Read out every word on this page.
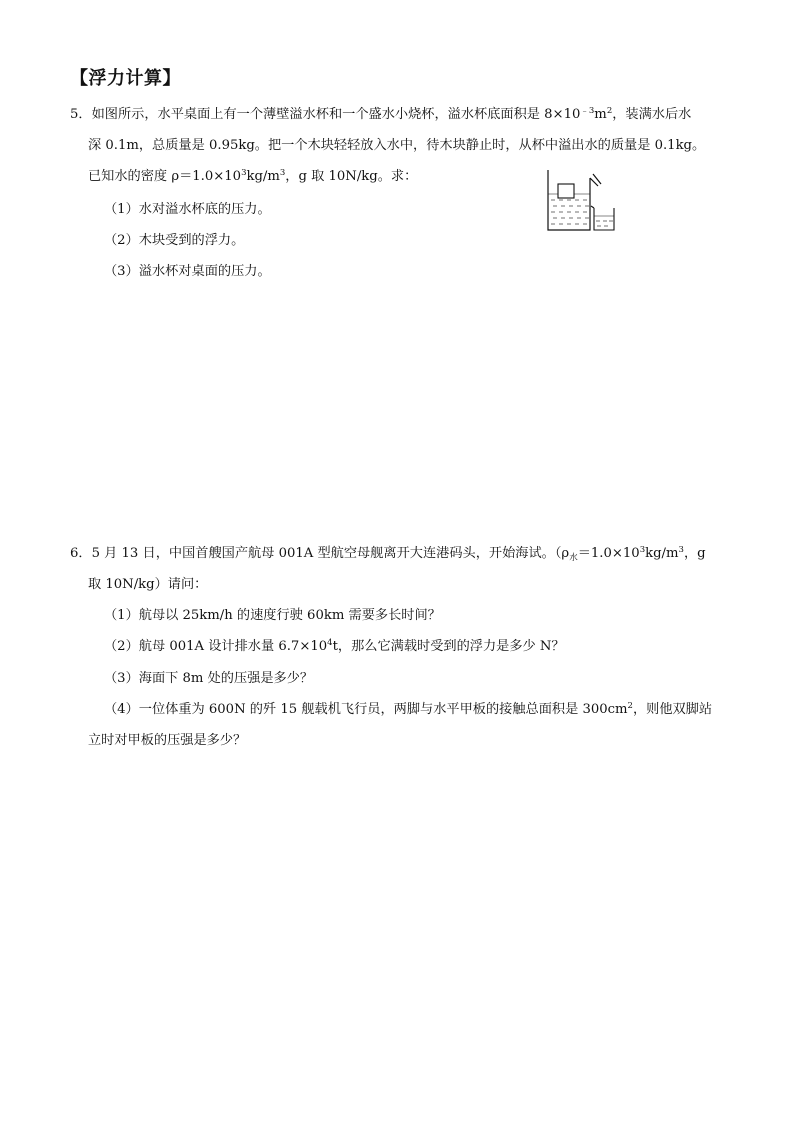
【浮力计算】
5．如图所示，水平桌面上有一个薄壁溢水杯和一个盛水小烧杯，溢水杯底面积是 $8\times 10^{﹣3}m^2$，装满水后水
深 0.1m，总质量是 0.95kg。把一个木块轻轻放入水中，待木块静止时，从杯中溢出水的质量是 0.1kg。
已知水的密度 $\rho=1.0\times 10^3kg/m^3$，g 取 10N/kg。求：
（1）水对溢水杯底的压力。
（2）木块受到的浮力。
（3）溢水杯对桌面的压力。
6．5 月 13 日，中国首艘国产航母 001A 型航空母舰离开大连港码头，开始海试。（$\rho_水=1.0\times 10^3kg/m^3$，g
取 10N/kg）请问：
（1）航母以 25km/h 的速度行驶 60km 需要多长时间？
（2）航母 001A 设计排水量 $6.7\times 10^4t$，那么它满载时受到的浮力是多少 N？
（3）海面下 8m 处的压强是多少？
（4）一位体重为 600N 的歼 15 舰载机飞行员，两脚与水平甲板的接触总面积是 $300cm^2$，则他双脚站
立时对甲板的压强是多少？
